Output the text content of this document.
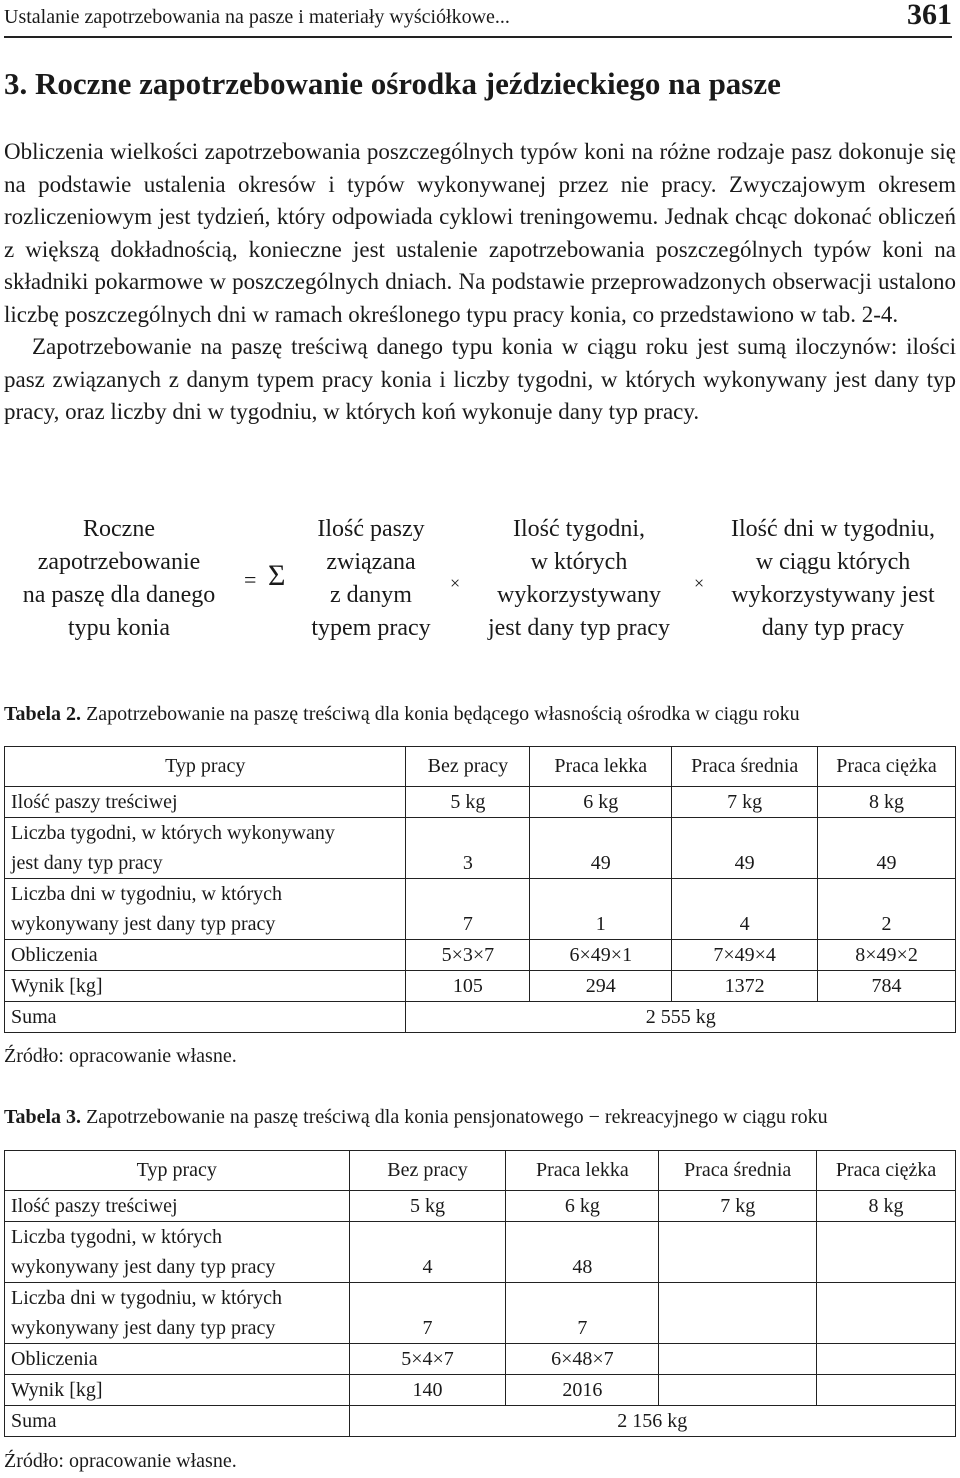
Ustalanie zapotrzebowania na pasze i materiały wyściółkowe...	361
3. Roczne zapotrzebowanie ośrodka jeździeckiego na pasze

Obliczenia wielkości zapotrzebowania poszczególnych typów koni na różne rodzaje pasz dokonuje się na podstawie ustalenia okresów i typów wykonywanej przez nie pracy. Zwyczajowym okresem rozliczeniowym jest tydzień, który odpowiada cyklowi treningowemu. Jednak chcąc dokonać obliczeń z większą dokładnością, konieczne jest ustalenie zapotrzebowania poszczególnych typów koni na składniki pokarmowe w poszczególnych dniach. Na podstawie przeprowadzonych obserwacji ustalono liczbę poszczególnych dni w ramach określonego typu pracy konia, co przedstawiono w tab. 2-4.

Zapotrzebowanie na paszę treściwą danego typu konia w ciągu roku jest sumą iloczynów: ilości pasz związanych z danym typem pracy konia i liczby tygodni, w których wykonywany jest dany typ pracy, oraz liczby dni w tygodniu, w których koń wykonuje dany typ pracy.

Roczne
zapotrzebowanie
na paszę dla danego
typu konia
= Σ
Ilość paszy
związana
z danym
typem pracy
×
Ilość tygodni,
w których
wykorzystywany
jest dany typ pracy
×
Ilość dni w tygodniu,
w ciągu których
wykorzystywany jest
dany typ pracy
Tabela 2. Zapotrzebowanie na paszę treściwą dla konia będącego własnością ośrodka w ciągu roku
Typ pracy	Bez pracy	Praca lekka	Praca średnia	Praca ciężka
Ilość paszy treściwej	5 kg	6 kg	7 kg	8 kg

Liczba tygodni, w których wykonywany
jest dany typ pracy	3	49	49	49

Liczba dni w tygodniu, w których
wykonywany jest dany typ pracy	7	1	4	2
Obliczenia	5×3×7	6×49×1	7×49×4	8×49×2
Wynik [kg]	105	294	1372	784
Suma	2 555 kg			
Źródło: opracowanie własne.
Tabela 3. Zapotrzebowanie na paszę treściwą dla konia pensjonatowego − rekreacyjnego w ciągu roku
Typ pracy	Bez pracy	Praca lekka	Praca średnia	Praca ciężka
Ilość paszy treściwej	5 kg	6 kg	7 kg	8 kg

Liczba tygodni, w których
wykonywany jest dany typ pracy	4	48		

Liczba dni w tygodniu, w których
wykonywany jest dany typ pracy	7	7		
Obliczenia	5×4×7	6×48×7		
Wynik [kg]	140	2016		
Suma	2 156 kg			
Źródło: opracowanie własne.
